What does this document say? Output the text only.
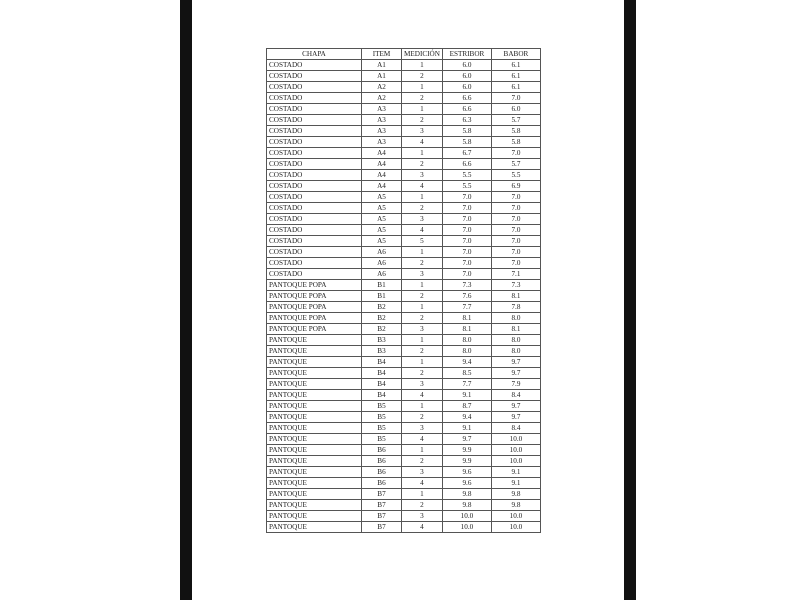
CHAPA	ITEM	MEDICIÓN	ESTRIBOR	BABOR
COSTADO	A1	1	6.0	6.1
COSTADO	A1	2	6.0	6.1
COSTADO	A2	1	6.0	6.1
COSTADO	A2	2	6.6	7.0
COSTADO	A3	1	6.6	6.0
COSTADO	A3	2	6.3	5.7
COSTADO	A3	3	5.8	5.8
COSTADO	A3	4	5.8	5.8
COSTADO	A4	1	6.7	7.0
COSTADO	A4	2	6.6	5.7
COSTADO	A4	3	5.5	5.5
COSTADO	A4	4	5.5	6.9
COSTADO	A5	1	7.0	7.0
COSTADO	A5	2	7.0	7.0
COSTADO	A5	3	7.0	7.0
COSTADO	A5	4	7.0	7.0
COSTADO	A5	5	7.0	7.0
COSTADO	A6	1	7.0	7.0
COSTADO	A6	2	7.0	7.0
COSTADO	A6	3	7.0	7.1
PANTOQUE POPA	B1	1	7.3	7.3
PANTOQUE POPA	B1	2	7.6	8.1
PANTOQUE POPA	B2	1	7.7	7.8
PANTOQUE POPA	B2	2	8.1	8.0
PANTOQUE POPA	B2	3	8.1	8.1
PANTOQUE	B3	1	8.0	8.0
PANTOQUE	B3	2	8.0	8.0
PANTOQUE	B4	1	9.4	9.7
PANTOQUE	B4	2	8.5	9.7
PANTOQUE	B4	3	7.7	7.9
PANTOQUE	B4	4	9.1	8.4
PANTOQUE	B5	1	8.7	9.7
PANTOQUE	B5	2	9.4	9.7
PANTOQUE	B5	3	9.1	8.4
PANTOQUE	B5	4	9.7	10.0
PANTOQUE	B6	1	9.9	10.0
PANTOQUE	B6	2	9.9	10.0
PANTOQUE	B6	3	9.6	9.1
PANTOQUE	B6	4	9.6	9.1
PANTOQUE	B7	1	9.8	9.8
PANTOQUE	B7	2	9.8	9.8
PANTOQUE	B7	3	10.0	10.0
PANTOQUE	B7	4	10.0	10.0
